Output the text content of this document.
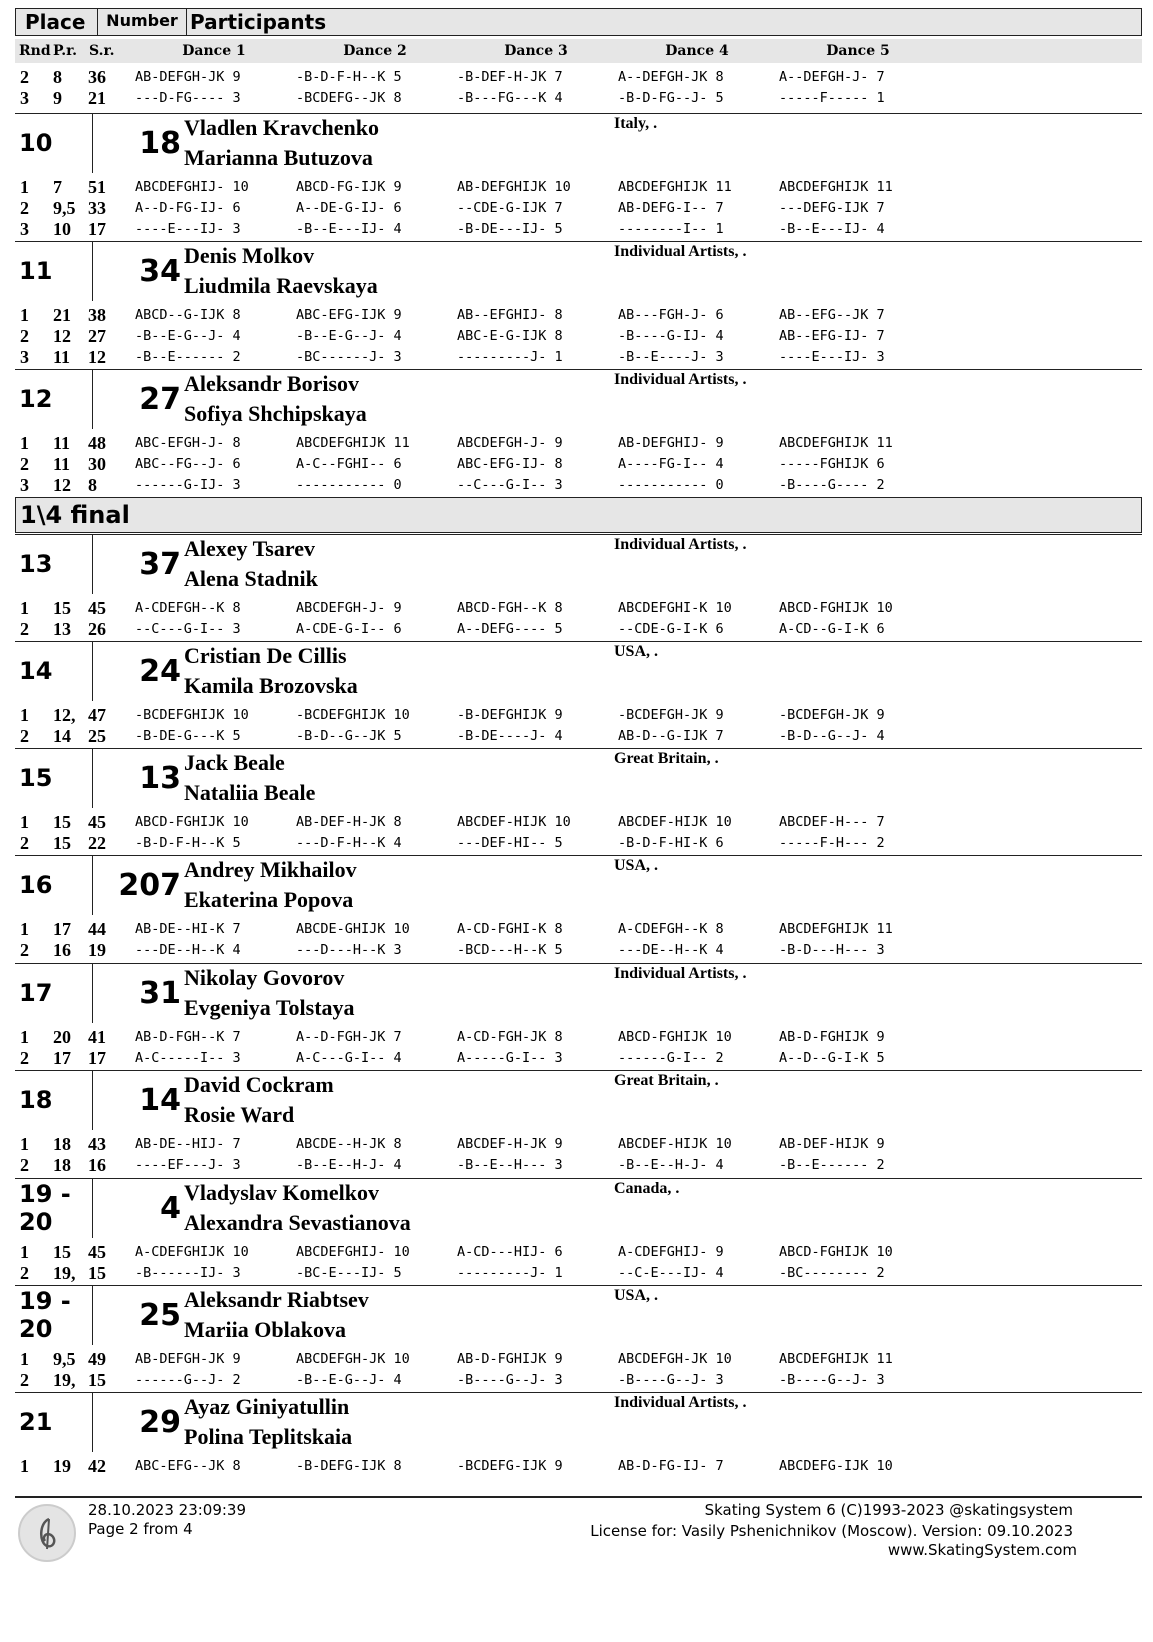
Place	Number Participants
Rnd P.r. S.r.	Dance 1	Dance 2	Dance 3	Dance 4	Dance 5
2 8 36 AB-DEFGH-JK 9	-B-D-F-H--K 5	-B-DEF-H-JK 7	A--DEFGH-JK 8	A--DEFGH-J- 7
3 9 21 ---D-FG---- 3	-BCDEFG--JK 8	-B---FG---K 4	-B-D-FG--J- 5	-----F----- 1
10	18 Vladlen Kravchenko
Marianna Butuzova
Italy, .
1 7 51 ABCDEFGHIJ- 10	ABCD-FG-IJK 9	AB-DEFGHIJK 10	ABCDEFGHIJK 11	ABCDEFGHIJK 11
2 9,5 33 A--D-FG-IJ- 6	A--DE-G-IJ- 6	--CDE-G-IJK 7	AB-DEFG-I-- 7	---DEFG-IJK 7
3 10 17 ----E---IJ- 3	-B--E---IJ- 4	-B-DE---IJ- 5	--------I-- 1	-B--E---IJ- 4
11	34 Denis Molkov
Liudmila Raevskaya
Individual Artists, .
1 21 38 ABCD--G-IJK 8	ABC-EFG-IJK 9	AB--EFGHIJ- 8	AB---FGH-J- 6	AB--EFG--JK 7
2 12 27 -B--E-G--J- 4	-B--E-G--J- 4	ABC-E-G-IJK 8	-B----G-IJ- 4	AB--EFG-IJ- 7
3 11 12 -B--E------ 2	-BC------J- 3	---------J- 1	-B--E----J- 3	----E---IJ- 3
12	27 Aleksandr Borisov
Sofiya Shchipskaya
Individual Artists, .
1 11 48 ABC-EFGH-J- 8	ABCDEFGHIJK 11	ABCDEFGH-J- 9	AB-DEFGHIJ- 9	ABCDEFGHIJK 11
2 11 30 ABC--FG--J- 6	A-C--FGHI-- 6	ABC-EFG-IJ- 8	A----FG-I-- 4	-----FGHIJK 6
3 12 8	------G-IJ- 3	----------- 0	--C---G-I-- 3	----------- 0	-B----G---- 2
13	37 Alexey Tsarev
Alena Stadnik
Individual Artists, .
1 15 45 A-CDEFGH--K 8	ABCDEFGH-J- 9	ABCD-FGH--K 8	ABCDEFGHI-K 10	ABCD-FGHIJK 10
2 13 26 --C---G-I-- 3	A-CDE-G-I-- 6	A--DEFG---- 5	--CDE-G-I-K 6	A-CD--G-I-K 6
14	24 Cristian De Cillis
Kamila Brozovska
USA, .
1 12, 47 -BCDEFGHIJK 10	-BCDEFGHIJK 10	-B-DEFGHIJK 9	-BCDEFGH-JK 9	-BCDEFGH-JK 9
2 14 25 -B-DE-G---K 5	-B-D--G--JK 5	-B-DE----J- 4	AB-D--G-IJK 7	-B-D--G--J- 4
15	13 Jack Beale
Nataliia Beale
Great Britain, .
1 15 45 ABCD-FGHIJK 10	AB-DEF-H-JK 8	ABCDEF-HIJK 10	ABCDEF-HIJK 10	ABCDEF-H--- 7
2 15 22 -B-D-F-H--K 5	---D-F-H--K 4	---DEF-HI-- 5	-B-D-F-HI-K 6	-----F-H--- 2
16	207 Andrey Mikhailov
Ekaterina Popova
USA, .
1 17 44 AB-DE--HI-K 7	ABCDE-GHIJK 10	A-CD-FGHI-K 8	A-CDEFGH--K 8	ABCDEFGHIJK 11
2 16 19 ---DE--H--K 4	---D---H--K 3	-BCD---H--K 5	---DE--H--K 4	-B-D---H--- 3
17	31 Nikolay Govorov
Evgeniya Tolstaya
Individual Artists, .
1 20 41 AB-D-FGH--K 7	A--D-FGH-JK 7	A-CD-FGH-JK 8	ABCD-FGHIJK 10	AB-D-FGHIJK 9
2 17 17 A-C-----I-- 3	A-C---G-I-- 4	A-----G-I-- 3	------G-I-- 2	A--D--G-I-K 5
18	14 David Cockram
Rosie Ward
Great Britain, .
1 18 43 AB-DE--HIJ- 7	ABCDE--H-JK 8	ABCDEF-H-JK 9	ABCDEF-HIJK 10	AB-DEF-HIJK 9
2 18 16 ----EF---J- 3	-B--E--H-J- 4	-B--E--H--- 3	-B--E--H-J- 4	-B--E------ 2
19 - 20	4 Vladyslav Komelkov
Alexandra Sevastianova
Canada, .
1 15 45 A-CDEFGHIJK 10	ABCDEFGHIJ- 10	A-CD---HIJ- 6	A-CDEFGHIJ- 9	ABCD-FGHIJK 10
2 19, 15 -B------IJ- 3	-BC-E---IJ- 5	---------J- 1	--C-E---IJ- 4	-BC-------- 2
19 - 20	25 Aleksandr Riabtsev
Mariia Oblakova
USA, .
1 9,5 49 AB-DEFGH-JK 9	ABCDEFGH-JK 10	AB-D-FGHIJK 9	ABCDEFGH-JK 10	ABCDEFGHIJK 11
2 19, 15 ------G--J- 2	-B--E-G--J- 4	-B----G--J- 3	-B----G--J- 3	-B----G--J- 3
21	29 Ayaz Giniyatullin
Polina Teplitskaia
Individual Artists, .
1 19 42 ABC-EFG--JK 8	-B-DEFG-IJK 8	-BCDEFG-IJK 9	AB-D-FG-IJ- 7	ABCDEFG-IJK 10
1\4 final
28.10.2023 23:09:39
Page 2 from 4
Skating System 6 (C)1993-2023 @skatingsystem
License for: Vasily Pshenichnikov (Moscow). Version: 09.10.2023
www.SkatingSystem.com
